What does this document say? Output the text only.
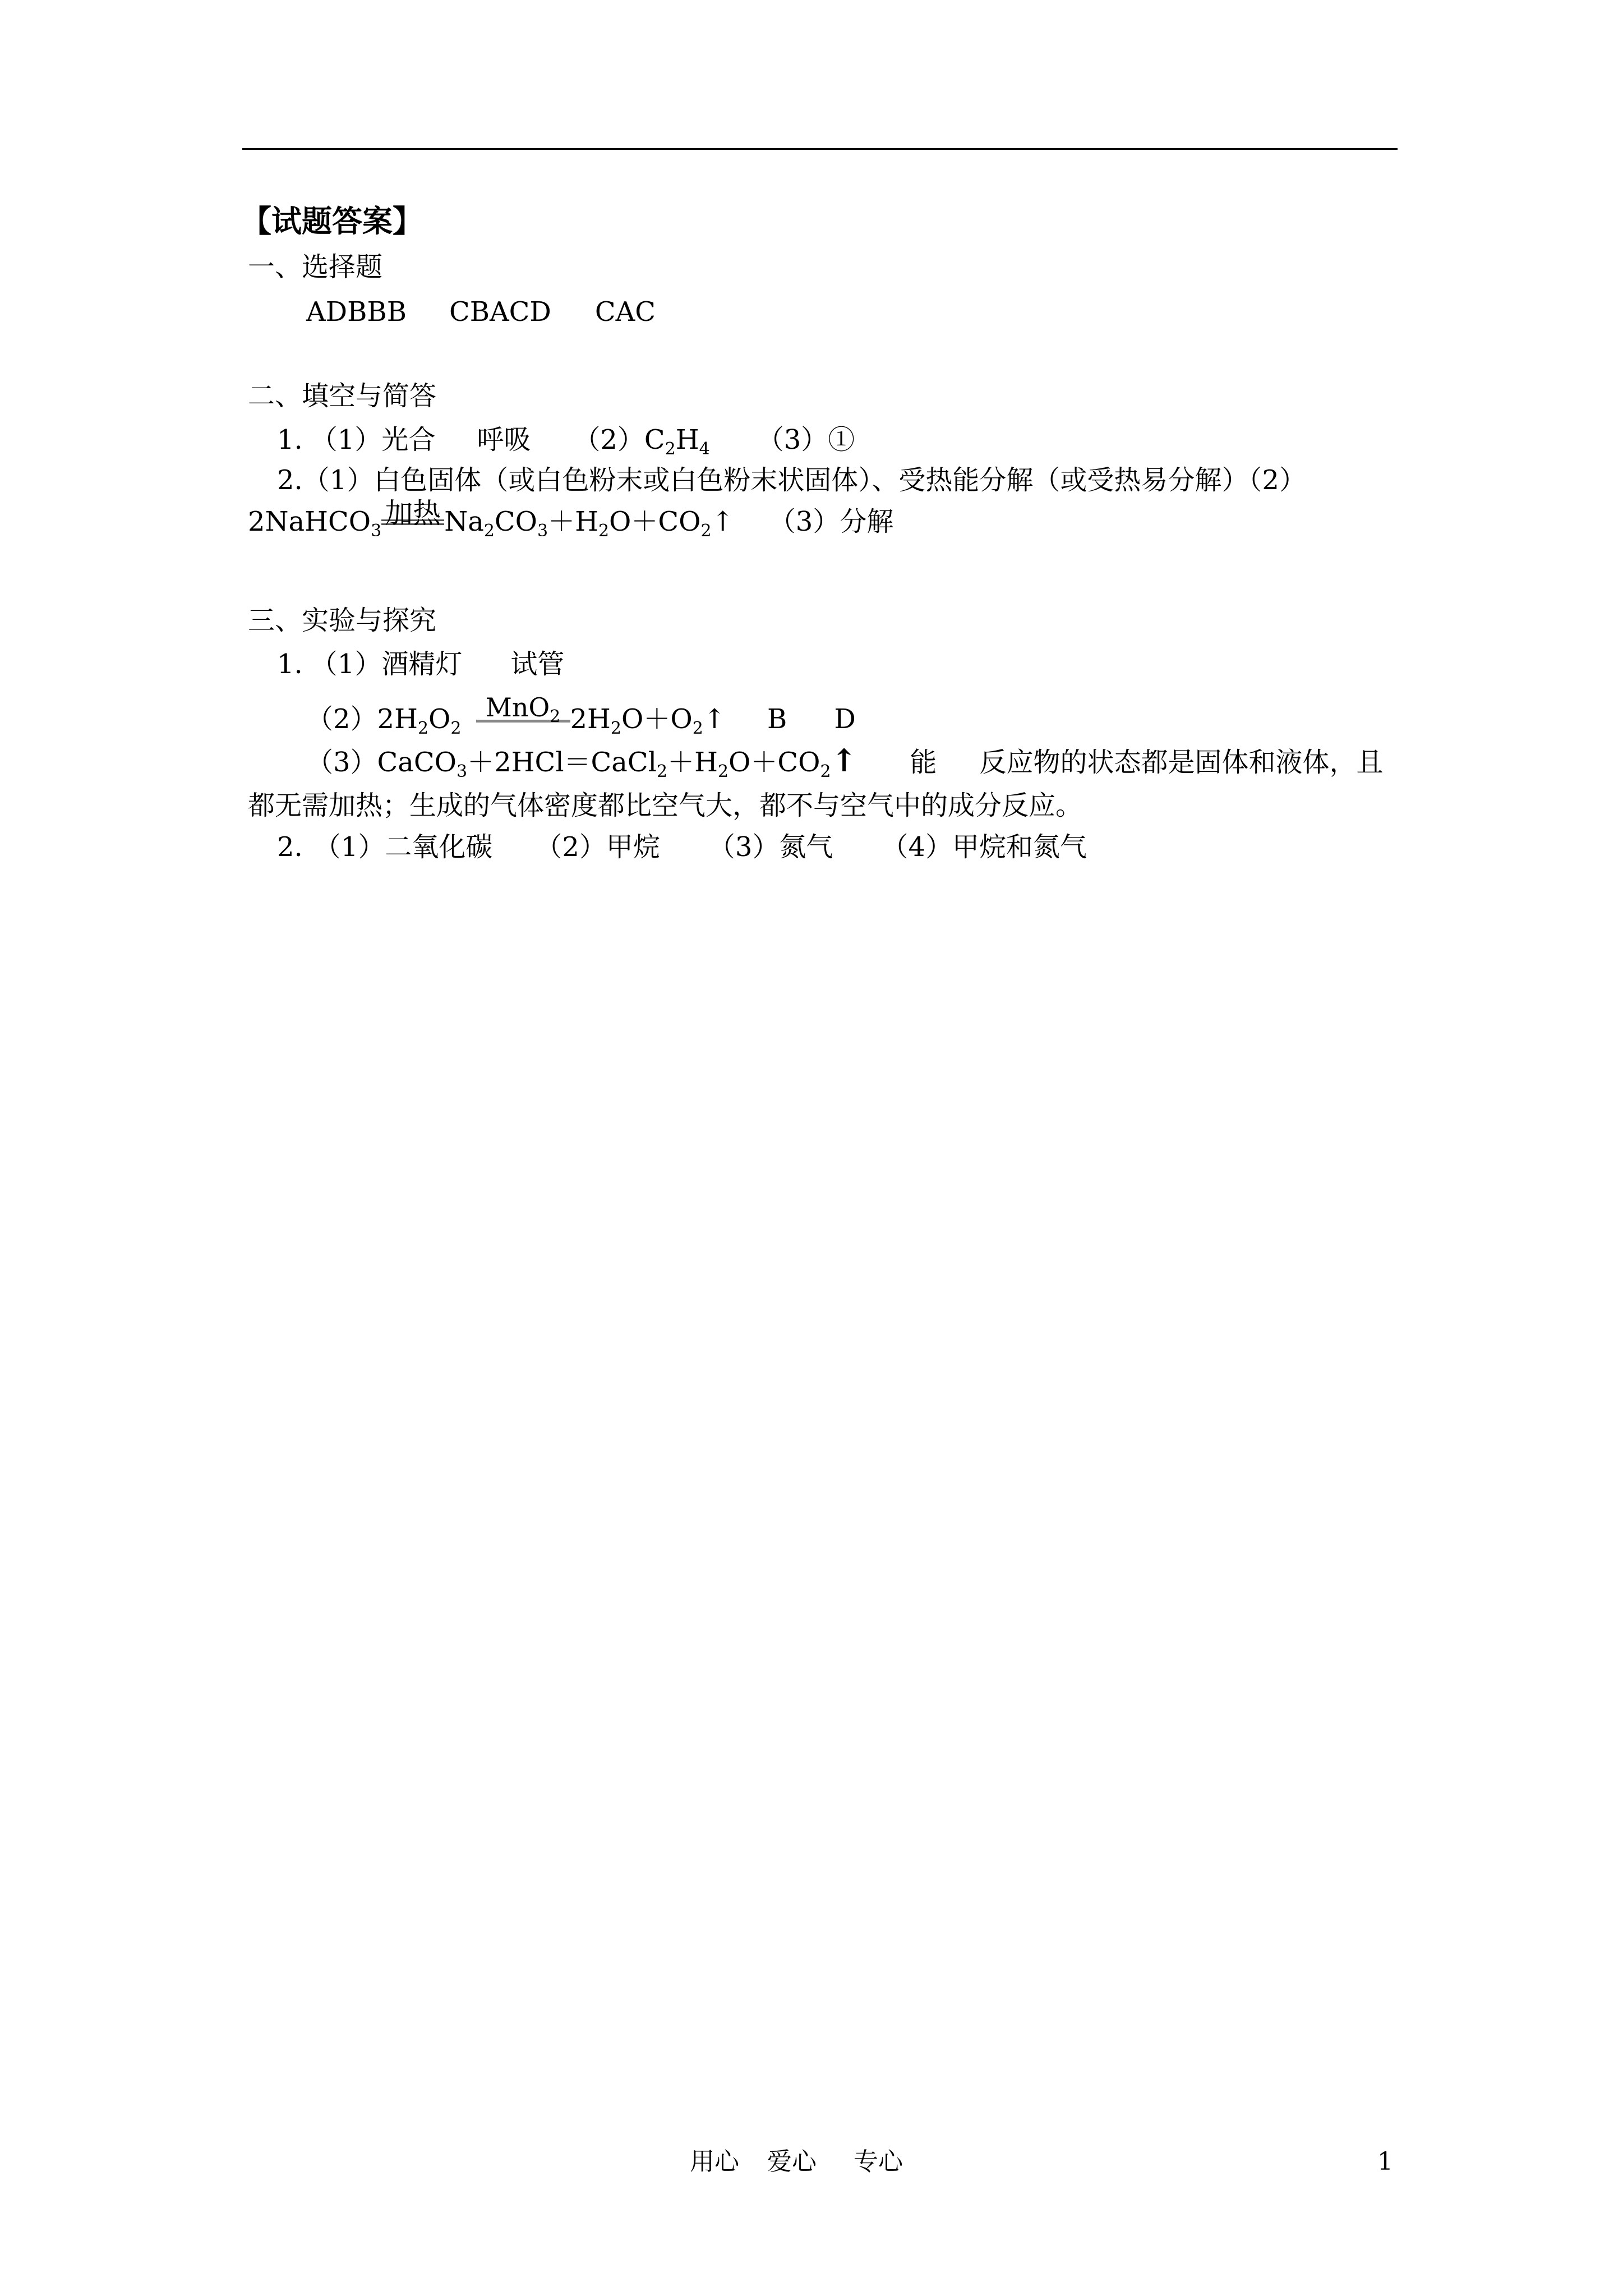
【试题答案】
一、选择题
ADBBB CBACD CAC
二、填空与简答
1. （1）光合 呼吸 $(2)C_2H_4$ （3）①
2.（1）白色固体（或白色粉末或白色粉末状固体）、受热能分解（或受热易分解）（2）
2NaHCO$_3$
加热 $Na_2CO_3+H_2O+CO_2↑$ （3）分解
三、实验与探究
1. （1）酒精灯 试管
$(2)2H_2O_2$
MnO$_2$ $2H_2O+O_2↑$ B D
$(3)CaCO_3+2HCl=CaCl_2+H_2O+CO_2↑$ 能 反应物的状态都是固体和液体，且
都无需加热；生成的气体密度都比空气大，都不与空气中的成分反应。
2. （1）二氧化碳 （2）甲烷 （3）氮气 （4）甲烷和氮气
用心 爱心 专心	1
